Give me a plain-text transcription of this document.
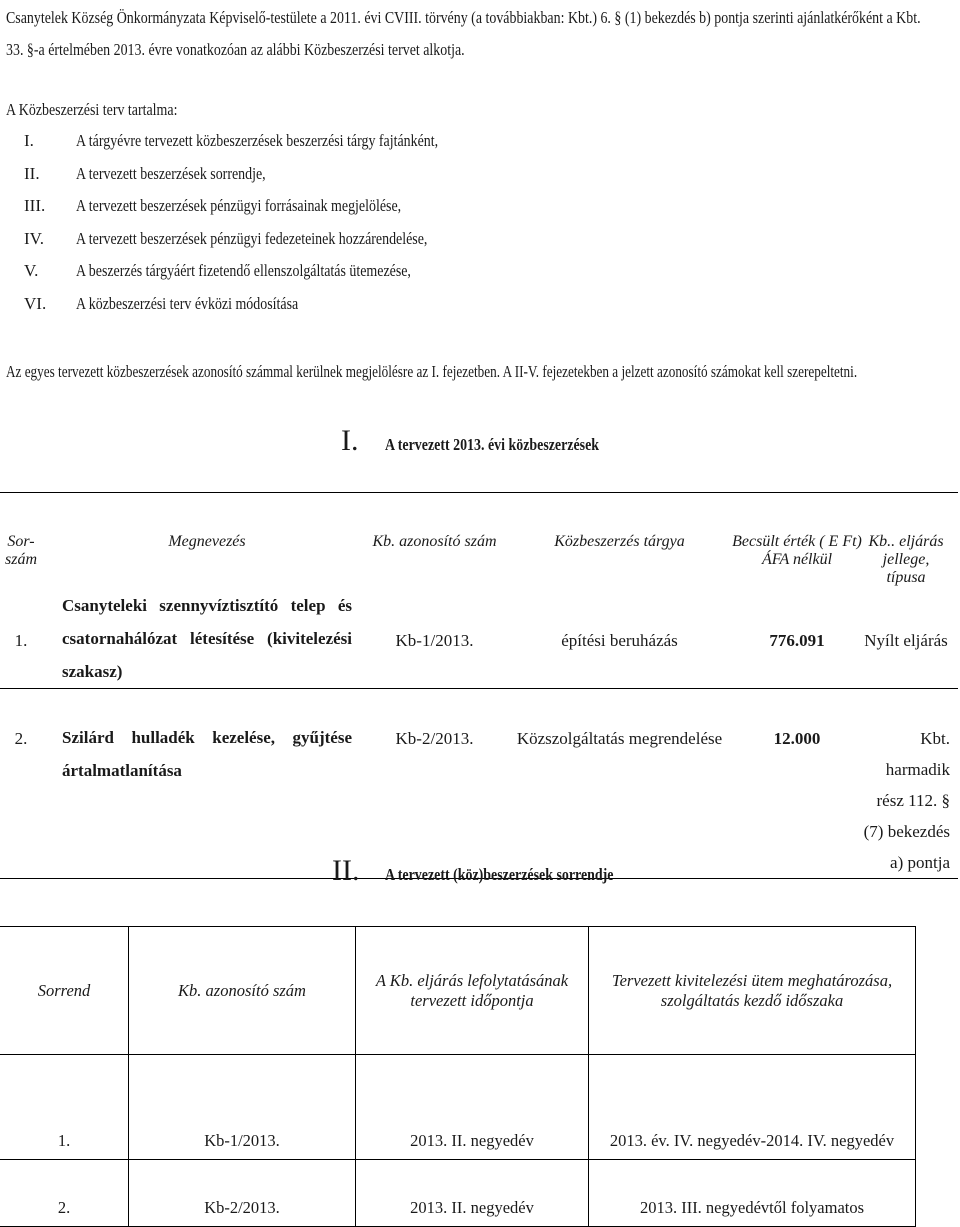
Csanytelek Község Önkormányzata Képviselő-testülete a 2011. évi CVIII. törvény (a továbbiakban: Kbt.) 6. § (1) bekezdés b) pontja szerinti ajánlatkérőként a Kbt.
33. §-a értelmében 2013. évre vonatkozóan az alábbi Közbeszerzési tervet alkotja.
A Közbeszerzési terv tartalma:
I.	A tárgyévre tervezett közbeszerzések beszerzési tárgy fajtánként,
II.	A tervezett beszerzések sorrendje,
III.	A tervezett beszerzések pénzügyi forrásainak megjelölése,
IV.	A tervezett beszerzések pénzügyi fedezeteinek hozzárendelése,
V.	A beszerzés tárgyáért fizetendő ellenszolgáltatás ütemezése,
VI.	A közbeszerzési terv évközi módosítása
Az egyes tervezett közbeszerzések azonosító számmal kerülnek megjelölésre az I. fejezetben. A II-V. fejezetekben a jelzett azonosító számokat kell szerepeltetni.
I. A tervezett 2013. évi közbeszerzések
Sor-szám	Megnevezés	Kb. azonosító szám	Közbeszerzés tárgya	Becsült érték ( E Ft) ÁFA nélkül	Kb.. eljárás jellege, típusa
1.	Csanyteleki szennyvíztisztító telep és csatornahálózat létesítése (kivitelezési szakasz)	Kb-1/2013.	építési beruházás	776.091	Nyílt eljárás
2.	Szilárd hulladék kezelése, gyűjtése ártalmatlanítása	Kb-2/2013.	Közszolgáltatás megrendelése	12.000	Kbt. harmadik rész 112. § (7) bekezdés a) pontja
II. A tervezett (köz)beszerzések sorrendje
Sorrend	Kb. azonosító szám	A Kb. eljárás lefolytatásának tervezett időpontja	Tervezett kivitelezési ütem meghatározása, szolgáltatás kezdő időszaka
1.	Kb-1/2013.	2013. II. negyedév	2013. év. IV. negyedév-2014. IV. negyedév
2.	Kb-2/2013.	2013. II. negyedév	2013. III. negyedévtől folyamatos
